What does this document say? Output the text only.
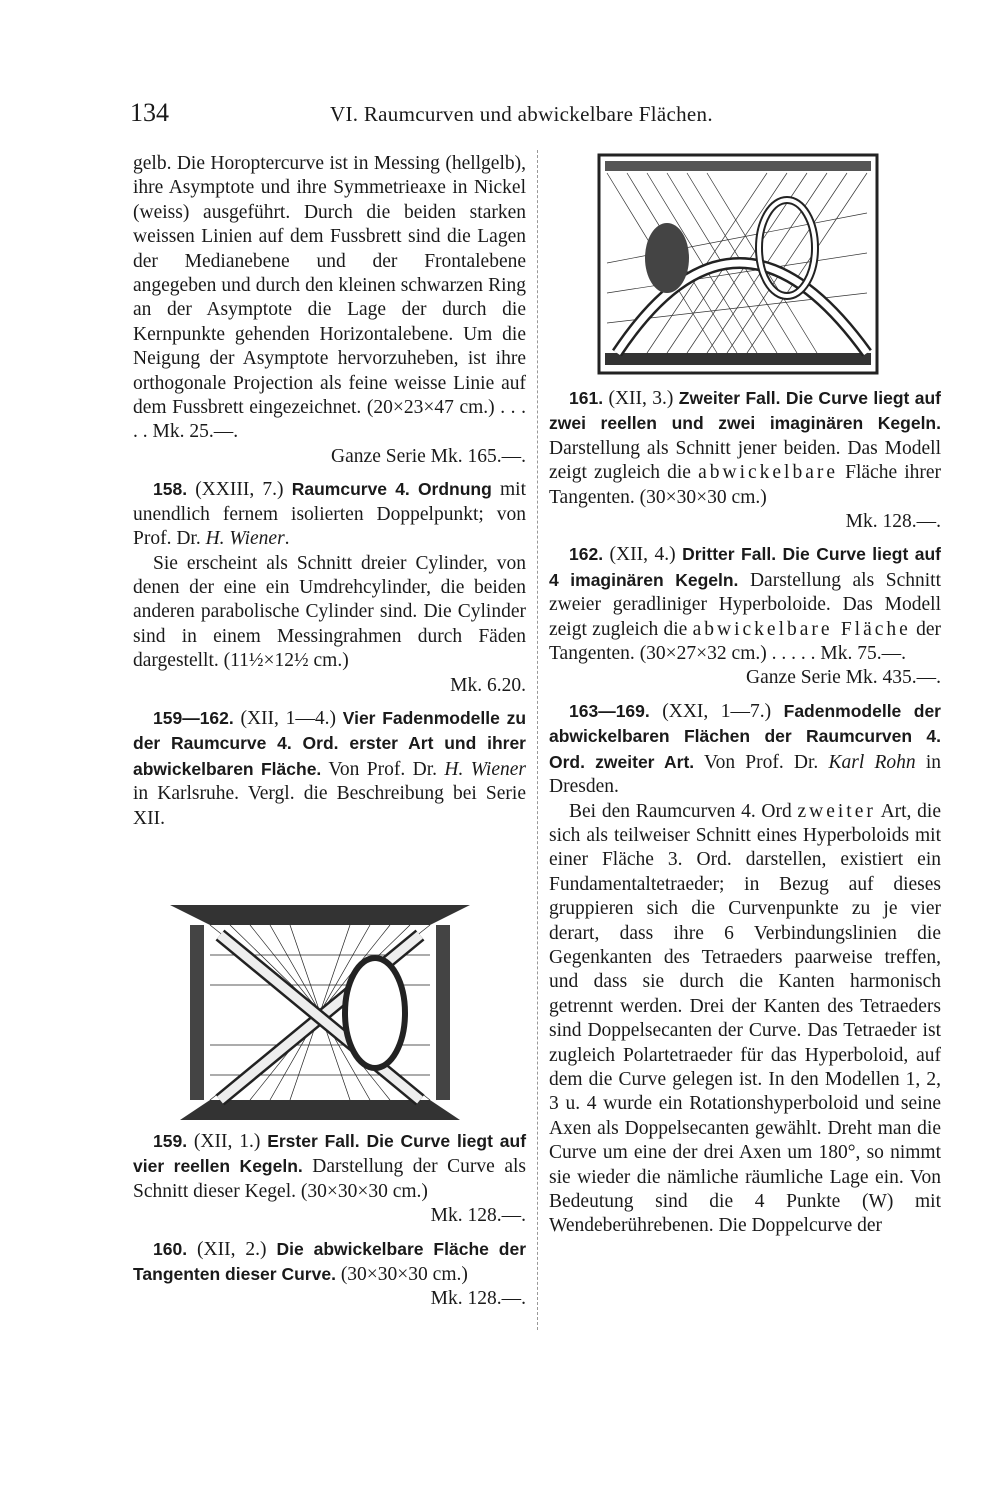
134	VI. Raumcurven und abwickelbare Flächen.

gelb. Die Horoptercurve ist in Messing (hellgelb), ihre Asymptote und ihre Symmetrieaxe in Nickel (weiss) ausgeführt. Durch die beiden starken weissen Linien auf dem Fussbrett sind die Lagen der Medianebene und der Frontalebene angegeben und durch den kleinen schwarzen Ring an der Asymptote die Lage der durch die Kernpunkte gehenden Horizontalebene. Um die Neigung der Asymptote hervorzuheben, ist ihre orthogonale Projection als feine weisse Linie auf dem Fussbrett eingezeichnet. (20×23×47 cm.) . . . . . Mk. 25.—.

Ganze Serie Mk. 165.—.

158. (XXIII, 7.) Raumcurve 4. Ordnung mit unendlich fernem isolierten Doppelpunkt; von Prof. Dr. H. Wiener.

Sie erscheint als Schnitt dreier Cylinder, von denen der eine ein Umdrehcylinder, die beiden anderen parabolische Cylinder sind. Die Cylinder sind in einem Messingrahmen durch Fäden dargestellt. (11½×12½ cm.)

Mk. 6.20.

159—162. (XII, 1—4.) Vier Fadenmodelle zu der Raumcurve 4. Ord. erster Art und ihrer abwickelbaren Fläche. Von Prof. Dr. H. Wiener in Karlsruhe. Vergl. die Beschreibung bei Serie XII.

159. (XII, 1.) Erster Fall. Die Curve liegt auf vier reellen Kegeln. Darstellung der Curve als Schnitt dieser Kegel. (30×30×30 cm.)

Mk. 128.—.

160. (XII, 2.) Die abwickelbare Fläche der Tangenten dieser Curve. (30×30×30 cm.)

Mk. 128.—.

161. (XII, 3.) Zweiter Fall. Die Curve liegt auf zwei reellen und zwei imaginären Kegeln. Darstellung als Schnitt jener beiden. Das Modell zeigt zugleich die abwickelbare Fläche ihrer Tangenten. (30×30×30 cm.)

Mk. 128.—.

162. (XII, 4.) Dritter Fall. Die Curve liegt auf 4 imaginären Kegeln. Darstellung als Schnitt zweier geradliniger Hyperboloide. Das Modell zeigt zugleich die abwickelbare Fläche der Tangenten. (30×27×32 cm.) . . . . . Mk. 75.—.

Ganze Serie Mk. 435.—.

163—169. (XXI, 1—7.) Fadenmodelle der abwickelbaren Flächen der Raumcurven 4. Ord. zweiter Art. Von Prof. Dr. Karl Rohn in Dresden.

Bei den Raumcurven 4. Ord zweiter Art, die sich als teilweiser Schnitt eines Hyperboloids mit einer Fläche 3. Ord. darstellen, existiert ein Fundamentaltetraeder; in Bezug auf dieses gruppieren sich die Curvenpunkte zu je vier derart, dass ihre 6 Verbindungslinien die Gegenkanten des Tetraeders paarweise treffen, und dass sie durch die Kanten harmonisch getrennt werden. Drei der Kanten des Tetraeders sind Doppelsecanten der Curve. Das Tetraeder ist zugleich Polartetraeder für das Hyperboloid, auf dem die Curve gelegen ist. In den Modellen 1, 2, 3 u. 4 wurde ein Rotationshyperboloid und seine Axen als Doppelsecanten gewählt. Dreht man die Curve um eine der drei Axen um 180°, so nimmt sie wieder die nämliche räumliche Lage ein. Von Bedeutung sind die 4 Punkte (W) mit Wendeberührebenen. Die Doppelcurve der
